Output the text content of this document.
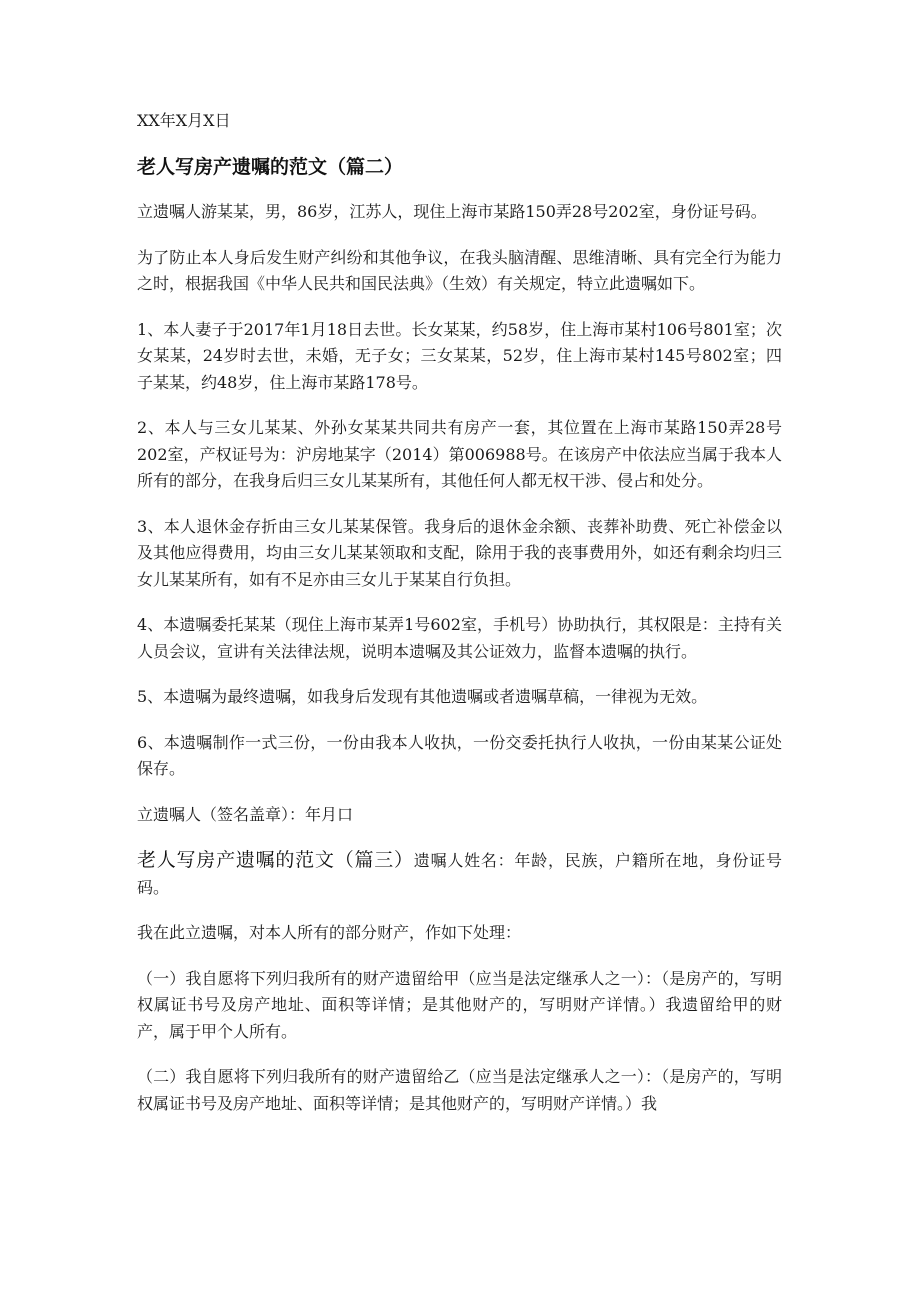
XX年X月X日

老人写房产遗嘱的范文（篇二）

立遗嘱人游某某，男，86岁，江苏人，现住上海市某路150弄28号202室，身份证号码。

为了防止本人身后发生财产纠纷和其他争议，在我头脑清醒、思维清晰、具有完全行为能力之时，根据我国《中华人民共和国民法典》（生效）有关规定，特立此遗嘱如下。

1、本人妻子于2017年1月18日去世。长女某某，约58岁，住上海市某村106号801室；次女某某，24岁时去世，未婚，无子女；三女某某，52岁，住上海市某村145号802室；四子某某，约48岁，住上海市某路178号。

2、本人与三女儿某某、外孙女某某共同共有房产一套，其位置在上海市某路150弄28号202室，产权证号为：沪房地某字（2014）第006988号。在该房产中依法应当属于我本人所有的部分，在我身后归三女儿某某所有，其他任何人都无权干涉、侵占和处分。

3、本人退休金存折由三女儿某某保管。我身后的退休金余额、丧葬补助费、死亡补偿金以及其他应得费用，均由三女儿某某领取和支配，除用于我的丧事费用外，如还有剩余均归三女儿某某所有，如有不足亦由三女儿于某某自行负担。

4、本遗嘱委托某某（现住上海市某弄1号602室，手机号）协助执行，其权限是：主持有关人员会议，宣讲有关法律法规，说明本遗嘱及其公证效力，监督本遗嘱的执行。

5、本遗嘱为最终遗嘱，如我身后发现有其他遗嘱或者遗嘱草稿，一律视为无效。

6、本遗嘱制作一式三份，一份由我本人收执，一份交委托执行人收执，一份由某某公证处保存。

立遗嘱人（签名盖章）：年月口

老人写房产遗嘱的范文（篇三）遗嘱人姓名：年龄，民族，户籍所在地，身份证号码。

我在此立遗嘱，对本人所有的部分财产，作如下处理：

（一）我自愿将下列归我所有的财产遗留给甲（应当是法定继承人之一）：（是房产的，写明权属证书号及房产地址、面积等详情；是其他财产的，写明财产详情。）我遗留给甲的财产，属于甲个人所有。

（二）我自愿将下列归我所有的财产遗留给乙（应当是法定继承人之一）：（是房产的，写明权属证书号及房产地址、面积等详情；是其他财产的，写明财产详情。）我
